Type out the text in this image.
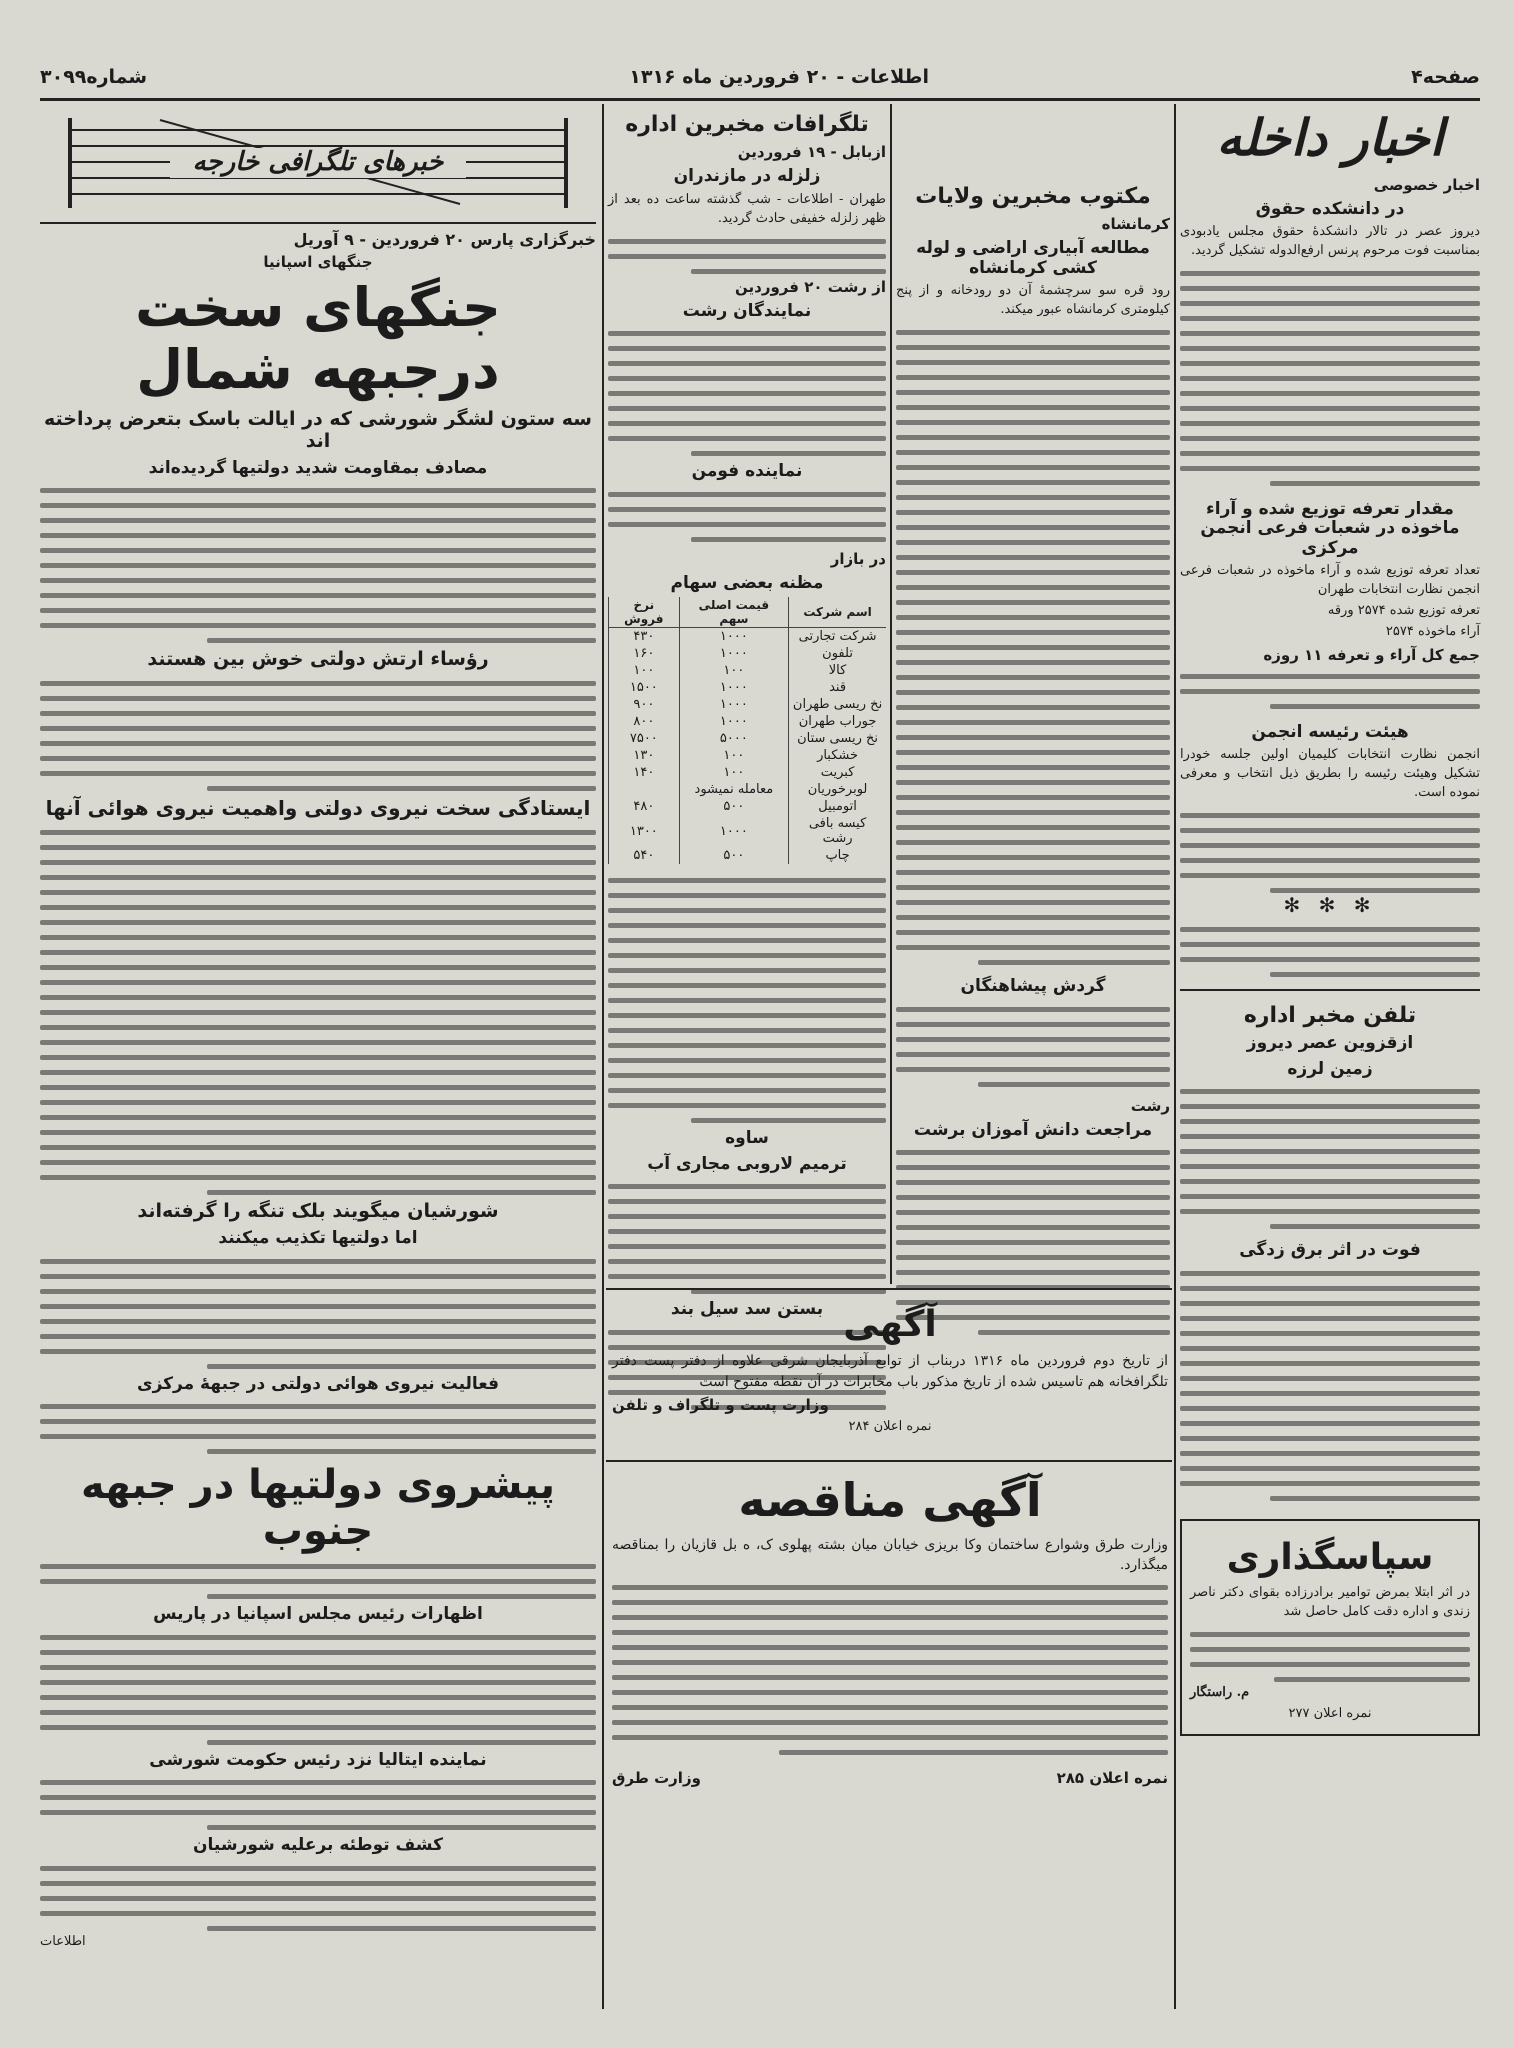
صفحه۴
اطلاعات - ۲۰ فروردین ماه ۱۳۱۶
شماره۳۰۹۹
اخبار داخله
اخبار خصوصی
در دانشکده حقوق
دیروز عصر در تالار دانشکدهٔ حقوق مجلس یادبودی بمناسبت فوت مرحوم پرنس ارفع‌الدوله تشکیل گردید.
مقدار تعرفه توزیع شده و آراء ماخوذه در شعبات فرعی انجمن مرکزی
تعداد تعرفه توزیع شده و آراء ماخوذه در شعبات فرعی انجمن نظارت انتخابات طهران
تعرفه توزیع شده ۲۵۷۴ ورقه
آراء ماخوذه ۲۵۷۴
جمع کل آراء و تعرفه ۱۱ روزه
هیئت رئیسه انجمن
انجمن نظارت انتخابات کلیمیان اولین جلسه خودرا تشکیل وهیئت رئیسه را بطریق ذیل انتخاب و معرفی نموده است.
✻ ✻ ✻
تلفن مخبر اداره
ازقزوین عصر دیروز
زمین لرزه
فوت در اثر برق زدگی
سپاسگذاری
در اثر ابتلا بمرض توامیر برادرزاده بقوای دکتر ناصر زندی و اداره دقت کامل حاصل شد
م. راستگار
نمره اعلان ۲۷۷
مکتوب مخبرین ولایات
کرمانشاه
مطالعه آبیاری اراضی و لوله کشی کرمانشاه
رود قره سو سرچشمهٔ آن دو رودخانه و از پنج کیلومتری کرمانشاه عبور میکند.
گردش پیشاهنگان
رشت
مراجعت دانش آموزان برشت
تلگرافات مخبرین اداره
ازبابل - ۱۹ فروردین
زلزله در مازندران
طهران - اطلاعات - شب گذشته ساعت ده بعد از ظهر زلزله خفیفی حادث گردید.
از رشت ۲۰ فروردین
نمایندگان رشت
نماینده فومن
در بازار
مظنه بعضی سهام
اسم شرکت	قیمت اصلی سهم	نرخ فروش
شرکت تجارتی	۱۰۰۰	۴۳۰
تلفون	۱۰۰۰	۱۶۰
کالا	۱۰۰	۱۰۰
قند	۱۰۰۰	۱۵۰۰
نخ ریسی طهران	۱۰۰۰	۹۰۰
جوراب طهران	۱۰۰۰	۸۰۰
نخ ریسی ستان	۵۰۰۰	۷۵۰۰
خشکبار	۱۰۰	۱۳۰
کبریت	۱۰۰	۱۴۰
لوبرخوریان	معامله نمیشود	
اتومبیل	۵۰۰	۴۸۰
کیسه بافی رشت	۱۰۰۰	۱۳۰۰
چاپ	۵۰۰	۵۴۰
ساوه
ترمیم لاروبی مجاری آب
بستن سد سیل بند آگهی
از تاریخ دوم فروردین ماه ۱۳۱۶ دربناب از توابع آذربایجان شرقی علاوه از دفتر پست دفتر تلگرافخانه هم تاسیس شده از تاریخ مذکور باب مخابرات در آن نقطه مفتوح است
وزارت پست و تلگراف و تلفن
نمره اعلان ۲۸۴
آگهی مناقصه
وزارت طرق وشوارع ساختمان وکا بریزی خیابان میان بشته پهلوی ک، ه بل قازیان را بمناقصه میگذارد.
نمره اعلان ۲۸۵
وزارت طرق
خبرهای تلگرافی خارجه
خبرگزاری پارس ۲۰ فروردین - ۹ آوریل
جنگهای اسپانیا
جنگهای سخت درجبهه شمال
سه ستون لشگر شورشی که در ایالت باسک بتعرض پرداخته اند
مصادف بمقاومت شدید دولتیها گردیده‌اند
رؤساء ارتش دولتی خوش بین هستند
ایستادگی سخت نیروی دولتی واهمیت نیروی هوائی آنها
شورشیان میگویند بلک تنگه را گرفته‌اند
اما دولتیها تکذیب میکنند
فعالیت نیروی هوائی دولتی در جبههٔ مرکزی
پیشروی دولتیها در جبهه جنوب
اظهارات رئیس مجلس اسپانیا در پاریس
نماینده ایتالیا نزد رئیس حکومت شورشی
کشف توطئه برعلیه شورشیان
اطلاعات
